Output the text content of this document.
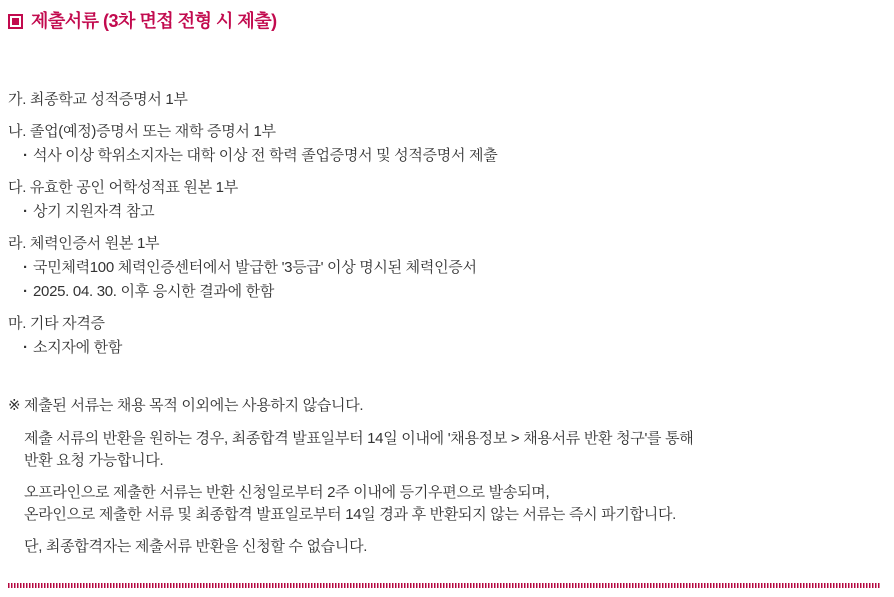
제출서류 (3차 면접 전형 시 제출)
가. 최종학교 성적증명서 1부
나. 졸업(예정)증명서 또는 재학 증명서 1부
· 석사 이상 학위소지자는 대학 이상 전 학력 졸업증명서 및 성적증명서 제출
다. 유효한 공인 어학성적표 원본 1부
· 상기 지원자격 참고
라. 체력인증서 원본 1부
· 국민체력100 체력인증센터에서 발급한 '3등급' 이상 명시된 체력인증서
· 2025. 04. 30. 이후 응시한 결과에 한함
마. 기타 자격증
· 소지자에 한함
※ 제출된 서류는 채용 목적 이외에는 사용하지 않습니다.
제출 서류의 반환을 원하는 경우, 최종합격 발표일부터 14일 이내에 '채용정보 > 채용서류 반환 청구'를 통해
반환 요청 가능합니다.
오프라인으로 제출한 서류는 반환 신청일로부터 2주 이내에 등기우편으로 발송되며,
온라인으로 제출한 서류 및 최종합격 발표일로부터 14일 경과 후 반환되지 않는 서류는 즉시 파기합니다.
단, 최종합격자는 제출서류 반환을 신청할 수 없습니다.
